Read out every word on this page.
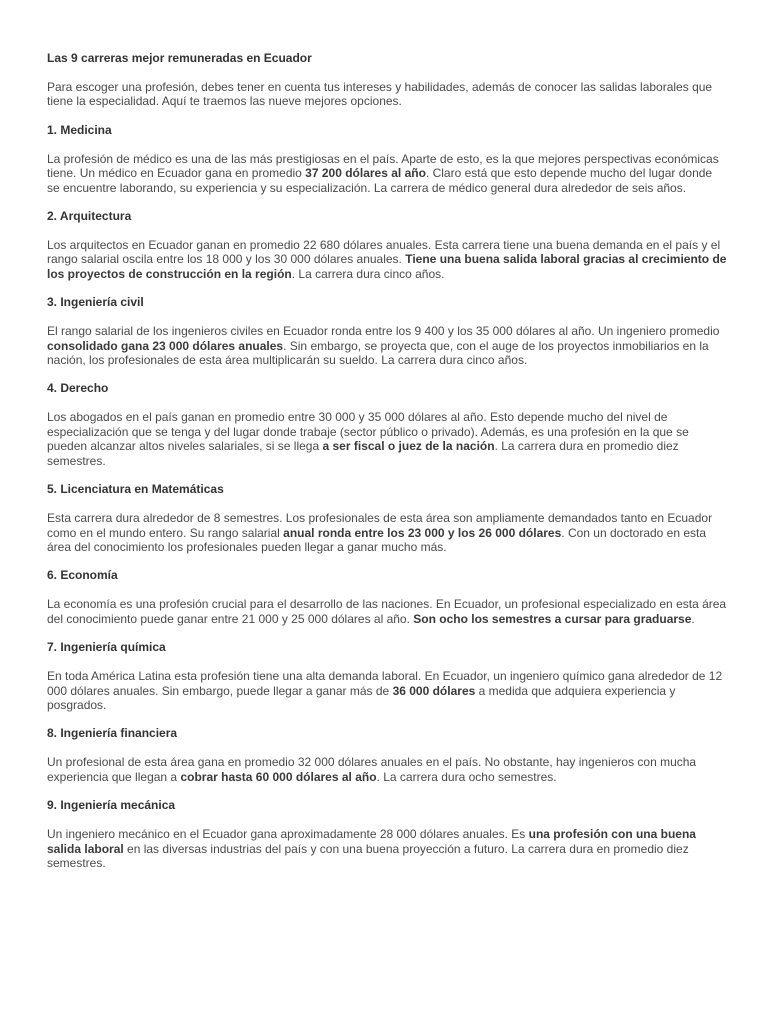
Las 9 carreras mejor remuneradas en Ecuador
Para escoger una profesión, debes tener en cuenta tus intereses y habilidades, además de conocer las salidas laborales que tiene la especialidad. Aquí te traemos las nueve mejores opciones.
1. Medicina
La profesión de médico es una de las más prestigiosas en el país. Aparte de esto, es la que mejores perspectivas económicas tiene. Un médico en Ecuador gana en promedio 37 200 dólares al año. Claro está que esto depende mucho del lugar donde se encuentre laborando, su experiencia y su especialización. La carrera de médico general dura alrededor de seis años.
2. Arquitectura
Los arquitectos en Ecuador ganan en promedio 22 680 dólares anuales. Esta carrera tiene una buena demanda en el país y el rango salarial oscila entre los 18 000 y los 30 000 dólares anuales. Tiene una buena salida laboral gracias al crecimiento de los proyectos de construcción en la región. La carrera dura cinco años.
3. Ingeniería civil
El rango salarial de los ingenieros civiles en Ecuador ronda entre los 9 400 y los 35 000 dólares al año. Un ingeniero promedio consolidado gana 23 000 dólares anuales. Sin embargo, se proyecta que, con el auge de los proyectos inmobiliarios en la nación, los profesionales de esta área multiplicarán su sueldo. La carrera dura cinco años.
4. Derecho
Los abogados en el país ganan en promedio entre 30 000 y 35 000 dólares al año. Esto depende mucho del nivel de especialización que se tenga y del lugar donde trabaje (sector público o privado). Además, es una profesión en la que se pueden alcanzar altos niveles salariales, si se llega a ser fiscal o juez de la nación. La carrera dura en promedio diez semestres.
5. Licenciatura en Matemáticas
Esta carrera dura alrededor de 8 semestres. Los profesionales de esta área son ampliamente demandados tanto en Ecuador como en el mundo entero. Su rango salarial anual ronda entre los 23 000 y los 26 000 dólares. Con un doctorado en esta área del conocimiento los profesionales pueden llegar a ganar mucho más.
6. Economía
La economía es una profesión crucial para el desarrollo de las naciones. En Ecuador, un profesional especializado en esta área del conocimiento puede ganar entre 21 000 y 25 000 dólares al año. Son ocho los semestres a cursar para graduarse.
7. Ingeniería química
En toda América Latina esta profesión tiene una alta demanda laboral. En Ecuador, un ingeniero químico gana alrededor de 12 000 dólares anuales. Sin embargo, puede llegar a ganar más de 36 000 dólares a medida que adquiera experiencia y posgrados.
8. Ingeniería financiera
Un profesional de esta área gana en promedio 32 000 dólares anuales en el país. No obstante, hay ingenieros con mucha experiencia que llegan a cobrar hasta 60 000 dólares al año. La carrera dura ocho semestres.
9. Ingeniería mecánica
Un ingeniero mecánico en el Ecuador gana aproximadamente 28 000 dólares anuales. Es una profesión con una buena salida laboral en las diversas industrias del país y con una buena proyección a futuro. La carrera dura en promedio diez semestres.
